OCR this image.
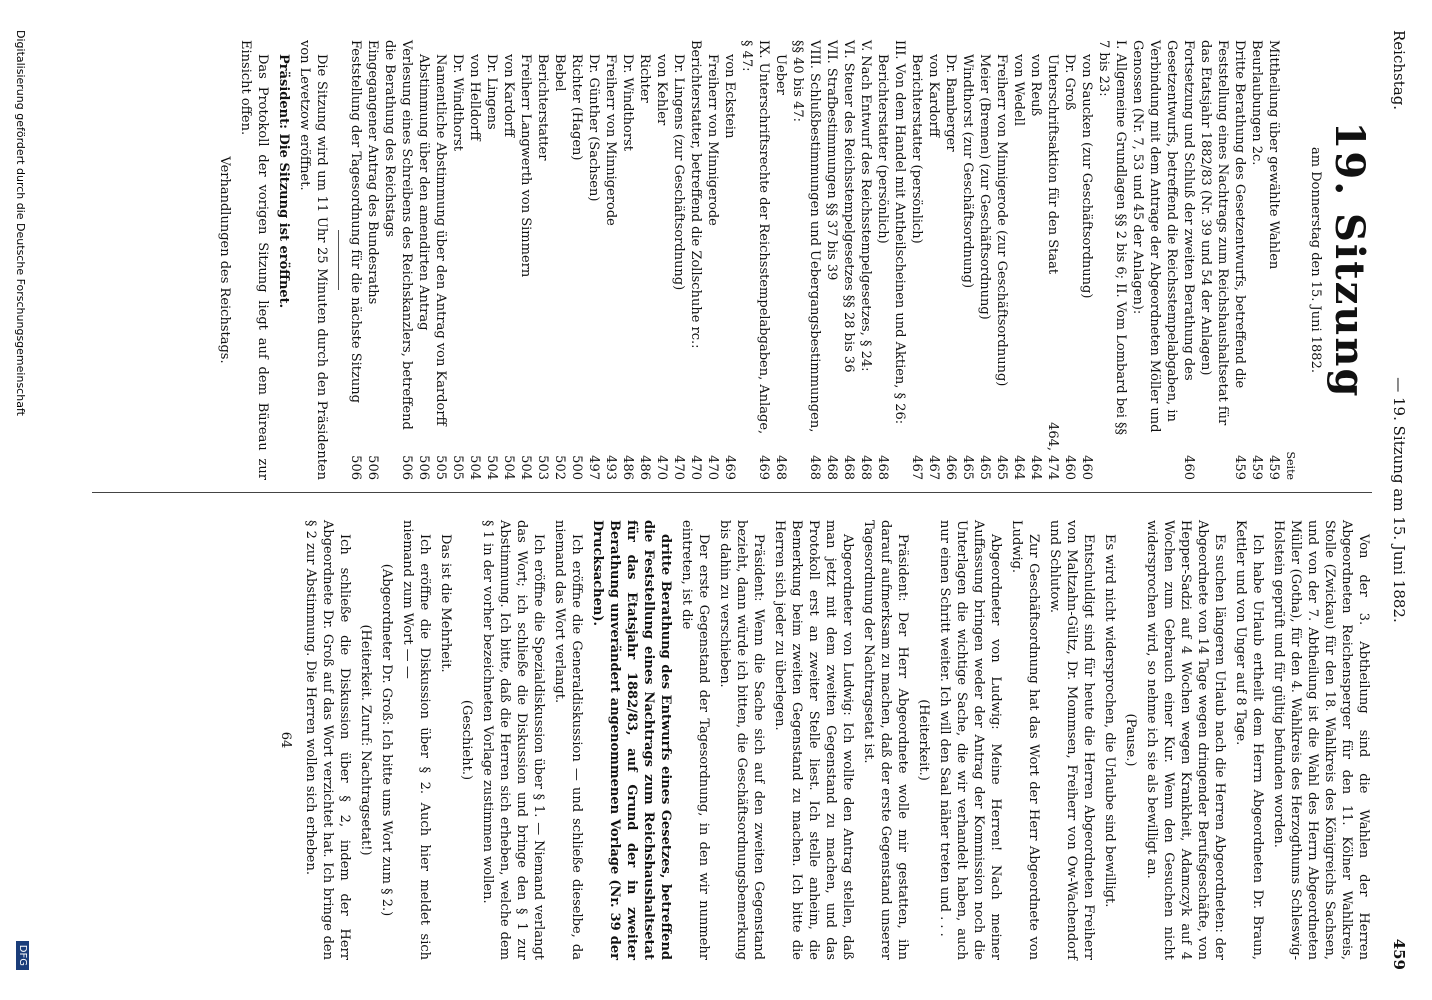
Reichstag.
— 19. Sitzung am 15. Juni 1882.
459
19. Sitzung
am Donnerstag den 15. Juni 1882.
Seite
Mittheilung über gewählte Wahlen
459
Beurlaubungen 2c.
459
Dritte Berathung des Gesetzentwurfs, betreffend die Feststellung eines Nachtrags zum Reichshaushaltsetat für das Etatsjahr 1882/83 (Nr. 39 und 54 der Anlagen)
459
Fortsetzung und Schluß der zweiten Berathung des Gesetzentwurfs, betreffend die Reichsstempelabgaben, in Verbindung mit dem Antrage der Abgeordneten Möller und Genossen (Nr. 7, 53 und 45 der Anlagen):
460
I. Allgemeine Grundlagen §§ 2 bis 6; II. Vom Lombard bei §§ 7 bis 23:
von Saucken (zur Geschäftsordnung)
460
Dr. Groß
460
Unterschriftsaktion für den Staat
464, 474
von Reuß
464
von Wedell
464
Freiherr von Minnigerode (zur Geschäftsordnung)
465
Meier (Bremen) (zur Geschäftsordnung)
465
Windthorst (zur Geschäftsordnung)
465
Dr. Bamberger
466
von Kardorff
467
Berichterstatter (persönlich)
467
III. Von dem Handel mit Antheilscheinen und Aktien, § 26:
Berichterstatter (persönlich)
468
V. Nach Entwurf des Reichsstempelgesetzes, § 24:
468
VI. Steuer des Reichsstempelgesetzes §§ 28 bis 36
468
VII. Strafbestimmungen §§ 37 bis 39
468
VIII. Schlußbestimmungen und Uebergangsbestimmungen, §§ 40 bis 47:
468
Ueber
468
IX. Unterschriftsrechte der Reichsstempelabgaben, Anlage, § 47:
469
von Eckstein
469
Freiherr von Minnigerode
470
Berichterstatter, betreffend die Zollschuhe rc.:
470
Dr. Lingens (zur Geschäftsordnung)
470
von Kehler
470
Richter
486
Dr. Windthorst
486
Freiherr von Minnigerode
493
Dr. Günther (Sachsen)
497
Richter (Hagen)
500
Bebel
502
Berichterstatter
503
Freiherr Langwerth von Simmern
504
von Kardorff
504
Dr. Lingens
504
von Helldorff
504
Dr. Windthorst
505
Namentliche Abstimmung über den Antrag von Kardorff
505
Abstimmung über den amendirten Antrag
506
Verlesung eines Schreibens des Reichskanzlers, betreffend die Berathung des Reichstags
506
Eingegangener Antrag des Bundesraths
506
Feststellung der Tagesordnung für die nächste Sitzung
506

Die Sitzung wird um 11 Uhr 25 Minuten durch den Präsidenten von Levetzow eröffnet.

Präsident: Die Sitzung ist eröffnet.

Das Protokoll der vorigen Sitzung liegt auf dem Büreau zur Einsicht offen.

Verhandlungen des Reichstags.

Von der 3. Abtheilung sind die Wahlen der Herren Abgeordneten Reichensperger für den 11. Kölner Wahlkreis, Stolle (Zwickau) für den 18. Wahlkreis des Königreichs Sachsen, und von der 7. Abtheilung ist die Wahl des Herrn Abgeordneten Müller (Gotha), für den 4. Wahlkreis des Herzogthums Schleswig-Holstein geprüft und für gültig befunden worden.

Ich habe Urlaub ertheilt dem Herrn Abgeordneten Dr. Braun, Kettler und von Unger auf 8 Tage.

Es suchen längeren Urlaub nach die Herren Abgeordneten: der Abgeordnete von 14 Tage wegen dringender Berufsgeschäfte, von Hepper-Sadzi auf 4 Wochen wegen Krankheit, Adamczyk auf 4 Wochen zum Gebrauch einer Kur. Wenn den Gesuchen nicht widersprochen wird, so nehme ich sie als bewilligt an.

(Pause.)

Es wird nicht widersprochen, die Urlaube sind bewilligt.

Entschuldigt sind für heute die Herren Abgeordneten Freiherr von Maltzahn-Gültz, Dr. Mommsen, Freiherr von Ow-Wachendorf und Schlutow.

Zur Geschäftsordnung hat das Wort der Herr Abgeordnete von Ludwig.

Abgeordneter von Ludwig: Meine Herren! Nach meiner Auffassung bringen weder der Antrag der Kommission noch die Unterlagen die wichtige Sache, die wir verhandelt haben, auch nur einen Schritt weiter. Ich will den Saal näher treten und . . .

(Heiterkeit.)

Präsident: Der Herr Abgeordnete wolle mir gestatten, ihn darauf aufmerksam zu machen, daß der erste Gegenstand unserer Tagesordnung der Nachtragsetat ist.

Abgeordneter von Ludwig: Ich wollte den Antrag stellen, daß man jetzt mit dem zweiten Gegenstand zu machen, und das Protokoll erst an zweiter Stelle liest. Ich stelle anheim, die Bemerkung beim zweiten Gegenstand zu machen. Ich bitte die Herren sich jeder zu überlegen.

Präsident: Wenn die Sache sich auf den zweiten Gegenstand bezieht, dann würde ich bitten, die Geschäftsordnungsbemerkung bis dahin zu verschieben.

Der erste Gegenstand der Tagesordnung, in den wir nunmehr eintreten, ist die

dritte Berathung des Entwurfs eines Gesetzes, betreffend die Feststellung eines Nachtrags zum Reichshaushaltsetat für das Etatsjahr 1882/83, auf Grund der in zweiter Berathung unverändert angenommenen Vorlage (Nr. 39 der Drucksachen).

Ich eröffne die Generaldiskussion — und schließe dieselbe, da niemand das Wort verlangt.

Ich eröffne die Spezialdiskussion über § 1. — Niemand verlangt das Wort; ich schließe die Diskussion und bringe den § 1 zur Abstimmung. Ich bitte, daß die Herren sich erheben, welche dem § 1 in der vorher bezeichneten Vorlage zustimmen wollen.

(Geschieht.)

Das ist die Mehrheit.

Ich eröffne die Diskussion über § 2. Auch hier meldet sich niemand zum Wort — —

(Abgeordneter Dr. Groß: Ich bitte ums Wort zum § 2.)

(Heiterkeit. Zuruf: Nachtragsetat!)

Ich schließe die Diskussion über § 2, indem der Herr Abgeordnete Dr. Groß auf das Wort verzichtet hat. Ich bringe den § 2 zur Abstimmung. Die Herren wollen sich erheben.

64
Digitalisierung gefördert durch die Deutsche Forschungsgemeinschaft
DFG
